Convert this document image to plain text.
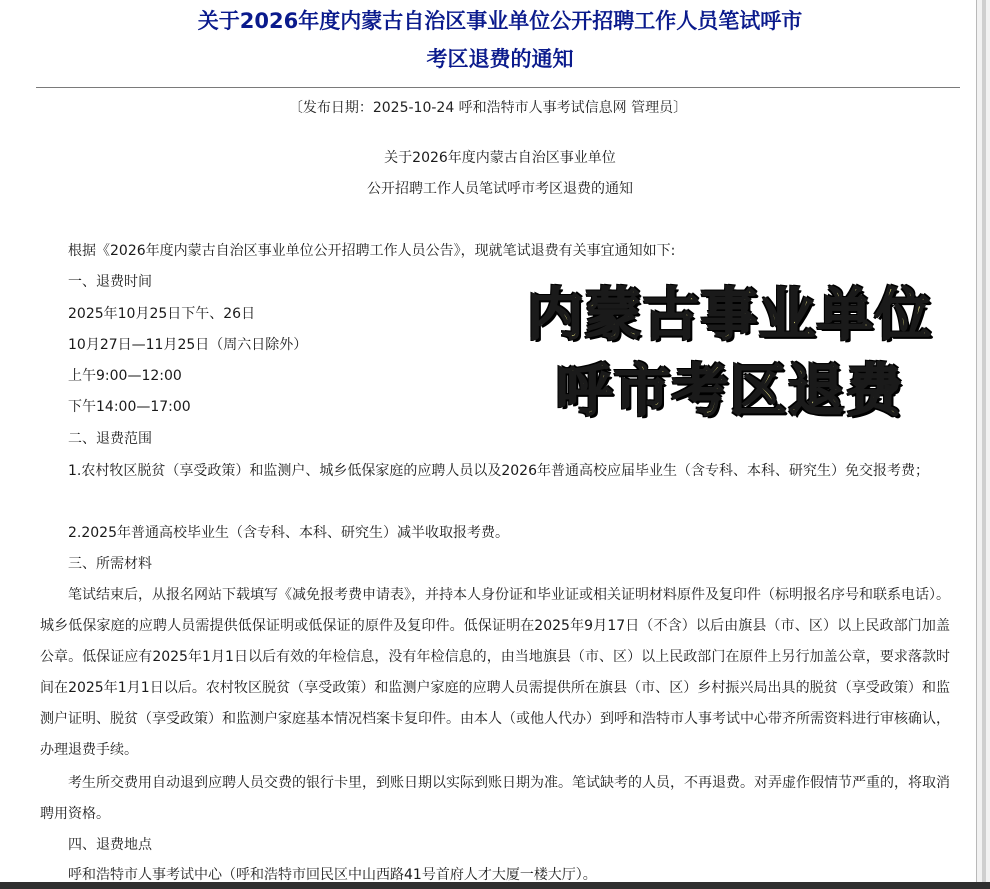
关于2026年度内蒙古自治区事业单位公开招聘工作人员笔试呼市
考区退费的通知
〔发布日期：2025-10-24 呼和浩特市人事考试信息网 管理员〕
关于2026年度内蒙古自治区事业单位
公开招聘工作人员笔试呼市考区退费的通知
根据《2026年度内蒙古自治区事业单位公开招聘工作人员公告》，现就笔试退费有关事宜通知如下:
一、退费时间
2025年10月25日下午、26日
10月27日—11月25日（周六日除外）
上午9:00—12:00
下午14:00—17:00
二、退费范围
1.农村牧区脱贫（享受政策）和监测户、城乡低保家庭的应聘人员以及2026年普通高校应届毕业生（含专科、本科、研究生）免交报考费；
2.2025年普通高校毕业生（含专科、本科、研究生）减半收取报考费。
三、所需材料
笔试结束后，从报名网站下载填写《减免报考费申请表》，并持本人身份证和毕业证或相关证明材料原件及复印件（标明报名序号和联系电话）。城乡低保家庭的应聘人员需提供低保证明或低保证的原件及复印件。低保证明在2025年9月17日（不含）以后由旗县（市、区）以上民政部门加盖公章。低保证应有2025年1月1日以后有效的年检信息，没有年检信息的，由当地旗县（市、区）以上民政部门在原件上另行加盖公章，要求落款时间在2025年1月1日以后。农村牧区脱贫（享受政策）和监测户家庭的应聘人员需提供所在旗县（市、区）乡村振兴局出具的脱贫（享受政策）和监测户证明、脱贫（享受政策）和监测户家庭基本情况档案卡复印件。由本人（或他人代办）到呼和浩特市人事考试中心带齐所需资料进行审核确认，办理退费手续。
考生所交费用自动退到应聘人员交费的银行卡里，到账日期以实际到账日期为准。笔试缺考的人员，不再退费。对弄虚作假情节严重的，将取消聘用资格。
四、退费地点
呼和浩特市人事考试中心（呼和浩特市回民区中山西路41号首府人才大厦一楼大厅）。
内蒙古事业单位
呼市考区退费
